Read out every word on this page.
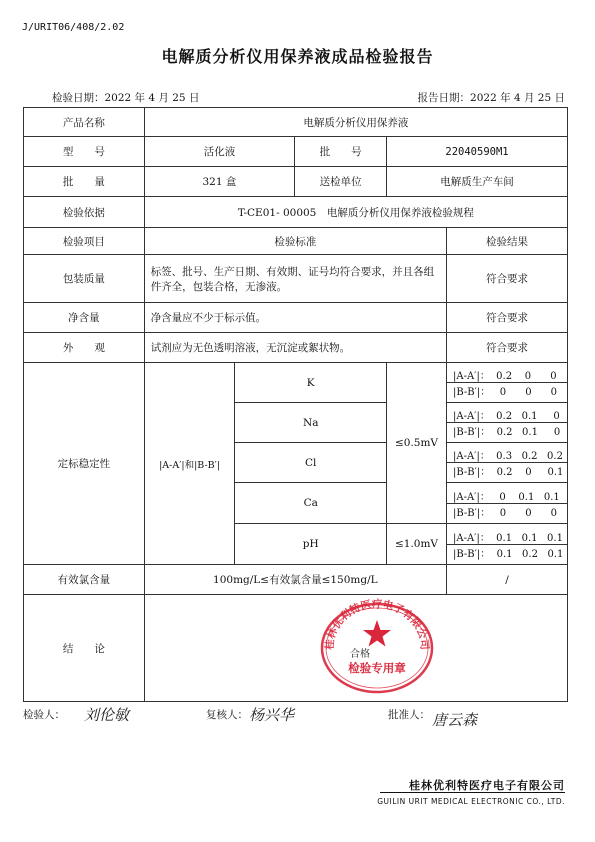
J/URIT06/408/2.02
电解质分析仪用保养液成品检验报告
检验日期：2022 年 4 月 25 日	报告日期：2022 年 4 月 25 日
产品名称	电解质分析仪用保养液				
型　　号	活化液		批　　号	22040590M1	
批　　量	321 盒		送检单位	电解质生产车间	
检验依据	T-CE01- 00005　电解质分析仪用保养液检验规程				
检验项目	检验标准				检验结果
包装质量	标签、批号、生产日期、有效期、证号均符合要求，并且各组件齐全，包装合格，无渗液。				符合要求
净含量	净含量应不少于标示值。				符合要求
外　　观	试剂应为无色透明溶液，无沉淀或絮状物。				符合要求
定标稳定性	|A-A′|和|B-B′|	K		≤0.5mV	|A-A′|：  0.2    0      0
|B-B′|：   0      0      0

		Na			|A-A′|：  0.2   0.1     0
|B-B′|：  0.2   0.1     0

		Cl			|A-A′|：  0.3   0.2   0.2
|B-B′|：  0.2    0     0.1

		Ca			|A-A′|：   0    0.1   0.1
|B-B′|：   0      0      0

		pH		≤1.0mV	|A-A′|：  0.1   0.1   0.1
|B-B′|：  0.1   0.2   0.1

有效氯含量	100mg/L≤有效氯含量≤150mg/L				/
结　　论						桂林优利特医疗电子有限公司
合格
检验专用章
检验人： 刘伦敏	复核人： 杨兴华	批准人： 唐云森
桂林优利特医疗电子有限公司
GUILIN URIT MEDICAL ELECTRONIC CO., LTD.
